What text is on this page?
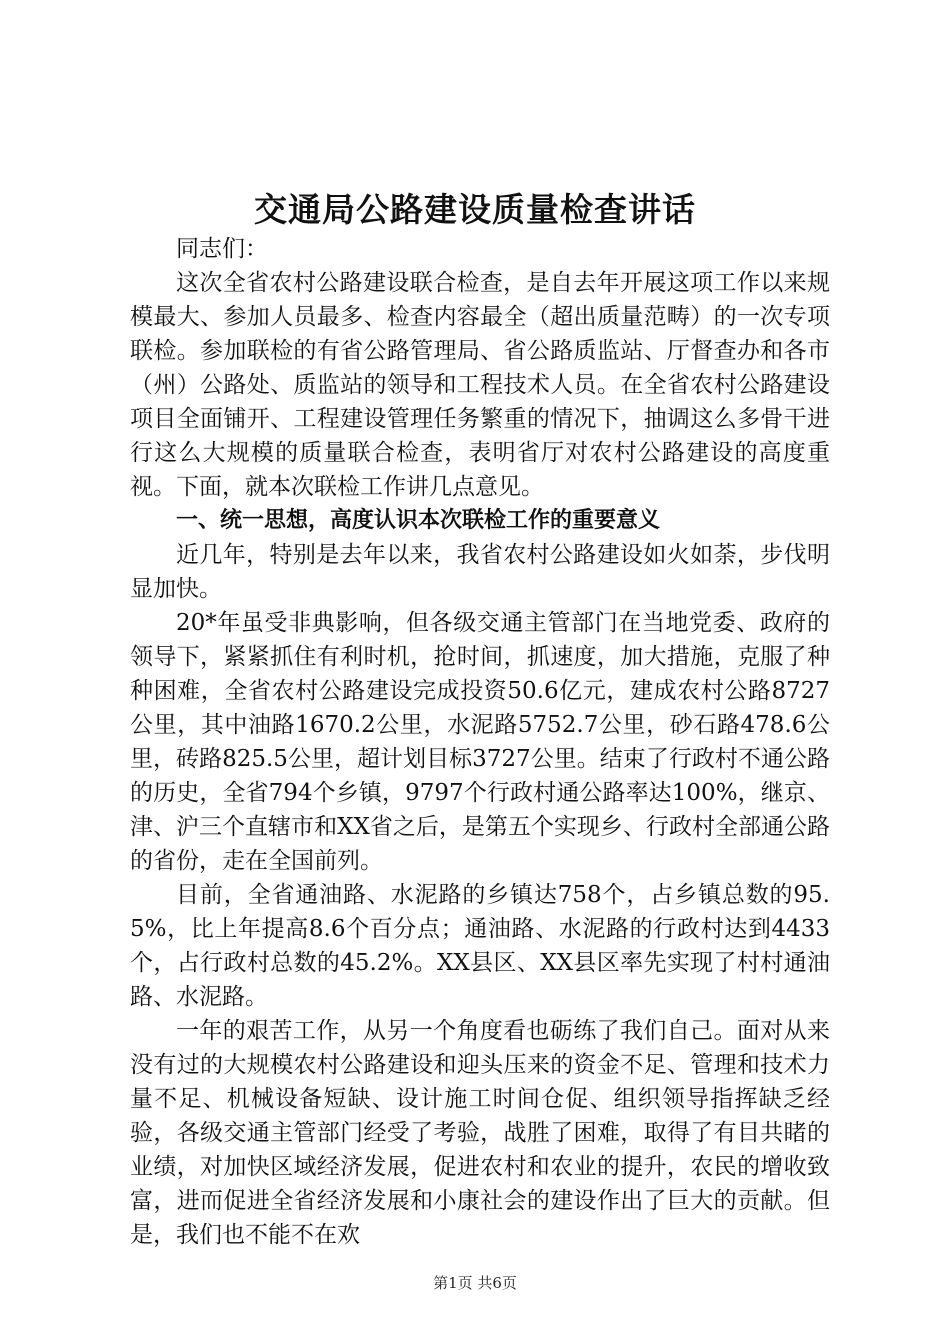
交通局公路建设质量检查讲话

同志们：

这次全省农村公路建设联合检查，是自去年开展这项工作以来规模最大、参加人员最多、检查内容最全（超出质量范畴）的一次专项联检。参加联检的有省公路管理局、省公路质监站、厅督查办和各市（州）公路处、质监站的领导和工程技术人员。在全省农村公路建设项目全面铺开、工程建设管理任务繁重的情况下，抽调这么多骨干进行这么大规模的质量联合检查，表明省厅对农村公路建设的高度重视。下面，就本次联检工作讲几点意见。

一、统一思想，高度认识本次联检工作的重要意义

近几年，特别是去年以来，我省农村公路建设如火如荼，步伐明显加快。

20*年虽受非典影响，但各级交通主管部门在当地党委、政府的领导下，紧紧抓住有利时机，抢时间，抓速度，加大措施，克服了种种困难，全省农村公路建设完成投资50.6亿元，建成农村公路8727公里，其中油路1670.2公里，水泥路5752.7公里，砂石路478.6公里，砖路825.5公里，超计划目标3727公里。结束了行政村不通公路的历史，全省794个乡镇，9797个行政村通公路率达100%，继京、津、沪三个直辖市和XX省之后，是第五个实现乡、行政村全部通公路的省份，走在全国前列。

目前，全省通油路、水泥路的乡镇达758个，占乡镇总数的95.5%，比上年提高8.6个百分点；通油路、水泥路的行政村达到4433个，占行政村总数的45.2%。XX县区、XX县区率先实现了村村通油路、水泥路。

一年的艰苦工作，从另一个角度看也砺练了我们自己。面对从来没有过的大规模农村公路建设和迎头压来的资金不足、管理和技术力量不足、机械设备短缺、设计施工时间仓促、组织领导指挥缺乏经验，各级交通主管部门经受了考验，战胜了困难，取得了有目共睹的业绩，对加快区域经济发展，促进农村和农业的提升，农民的增收致富，进而促进全省经济发展和小康社会的建设作出了巨大的贡献。但是，我们也不能不在欢

第1页 共6页
